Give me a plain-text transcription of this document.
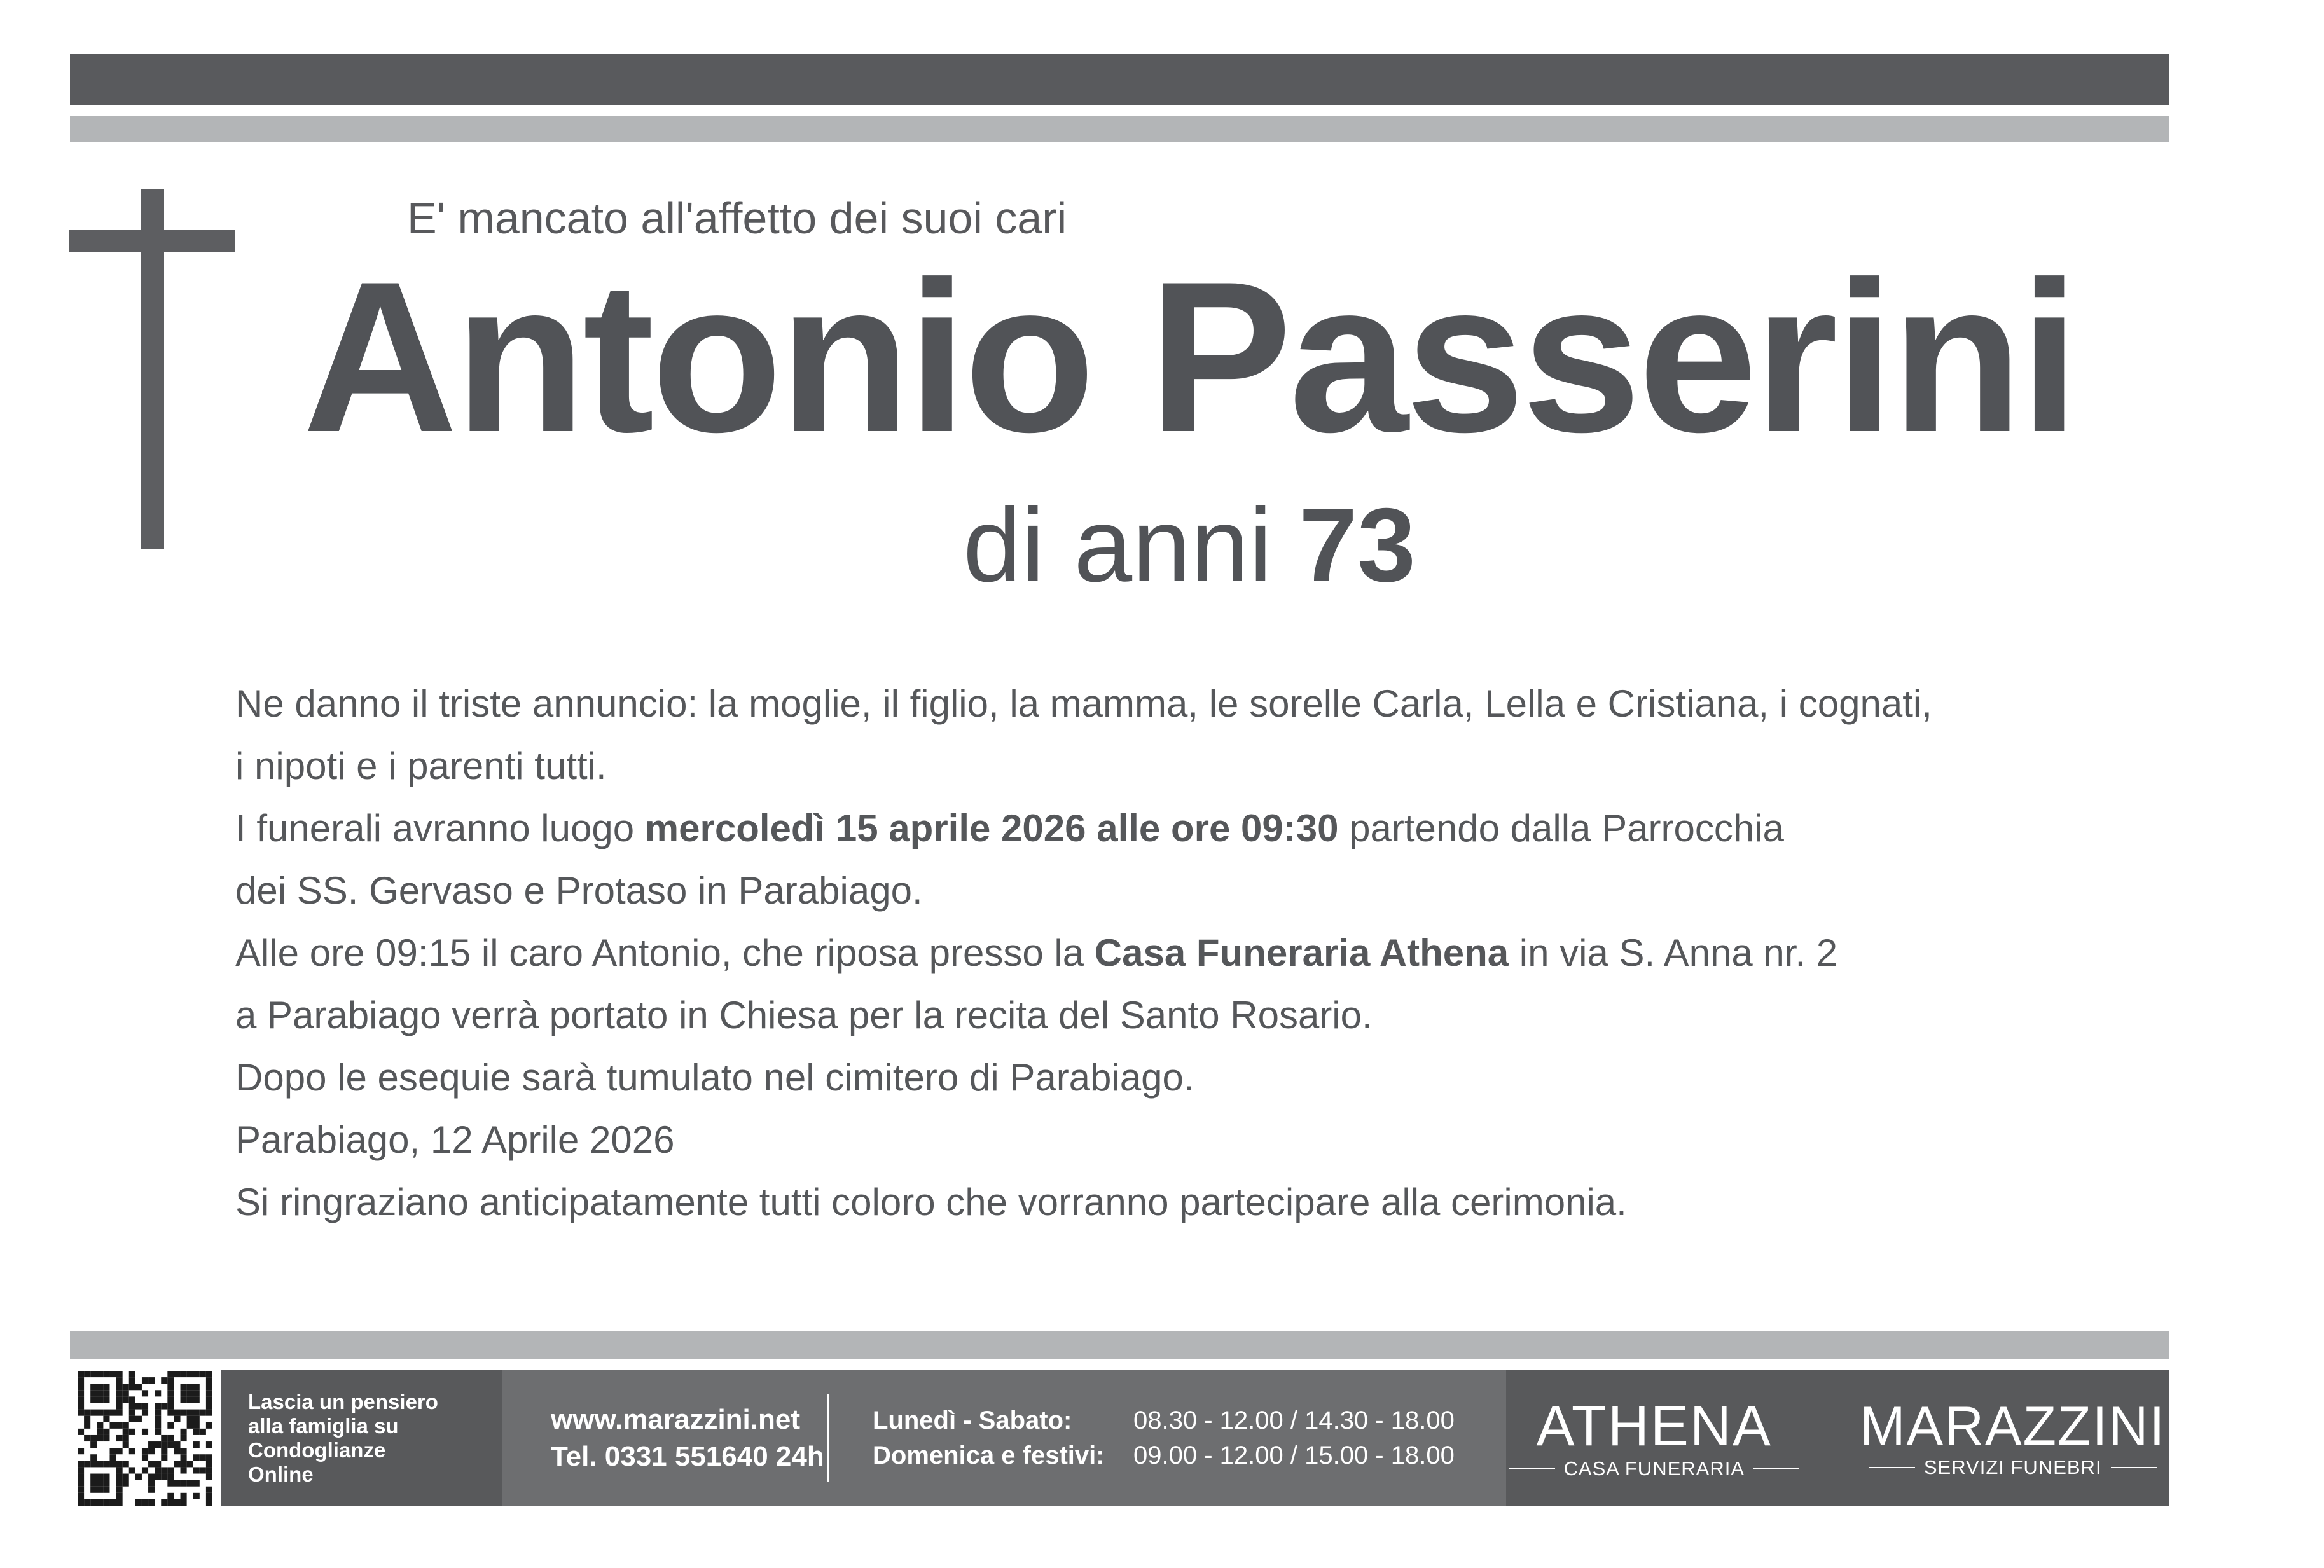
E' mancato all'affetto dei suoi cari
Antonio Passerini
di anni 73
Ne danno il triste annuncio: la moglie, il figlio, la mamma, le sorelle Carla, Lella e Cristiana, i cognati,
i nipoti e i parenti tutti.
I funerali avranno luogo mercoledì 15 aprile 2026 alle ore 09:30 partendo dalla Parrocchia
dei SS. Gervaso e Protaso in Parabiago.
Alle ore 09:15 il caro Antonio, che riposa presso la Casa Funeraria Athena in via S. Anna nr. 2
a Parabiago verrà portato in Chiesa per la recita del Santo Rosario.
Dopo le esequie sarà tumulato nel cimitero di Parabiago.
Parabiago, 12 Aprile 2026
Si ringraziano anticipatamente tutti coloro che vorranno partecipare alla cerimonia.
Lascia un pensiero
alla famiglia su
Condoglianze
Online
www.marazzini.net
Tel. 0331 551640 24h
Lunedì - Sabato: 08.30 - 12.00 / 14.30 - 18.00
Domenica e festivi: 09.00 - 12.00 / 15.00 - 18.00 ATHENA
CASA FUNERARIA
MARAZZINI
SERVIZI FUNEBRI
